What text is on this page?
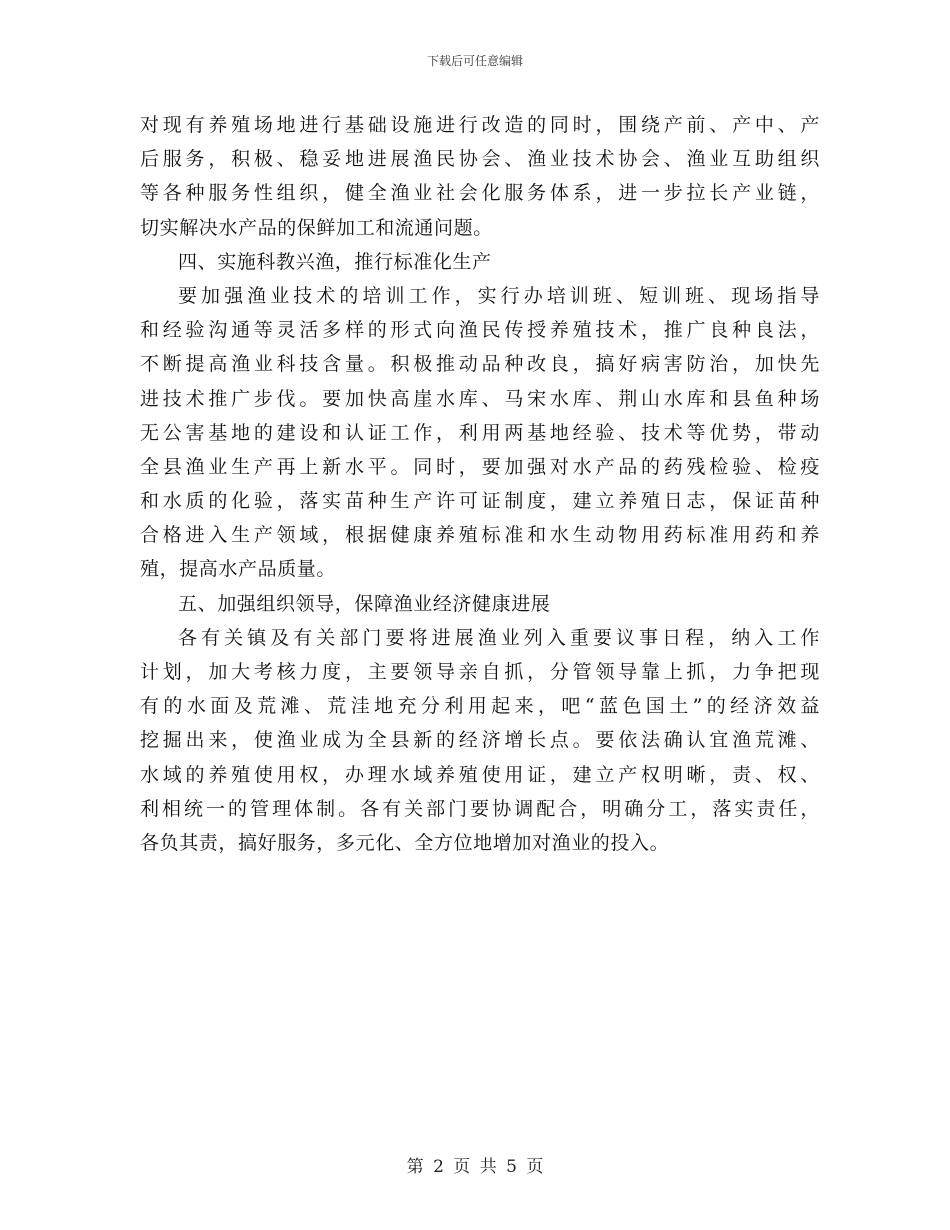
下载后可任意编辑
对现有养殖场地进行基础设施进行改造的同时，围绕产前、产中、产
后服务，积极、稳妥地进展渔民协会、渔业技术协会、渔业互助组织
等各种服务性组织，健全渔业社会化服务体系，进一步拉长产业链，
切实解决水产品的保鲜加工和流通问题。
四、实施科教兴渔，推行标准化生产
要加强渔业技术的培训工作，实行办培训班、短训班、现场指导
和经验沟通等灵活多样的形式向渔民传授养殖技术，推广良种良法，
不断提高渔业科技含量。积极推动品种改良，搞好病害防治，加快先
进技术推广步伐。要加快高崖水库、马宋水库、荆山水库和县鱼种场
无公害基地的建设和认证工作，利用两基地经验、技术等优势，带动
全县渔业生产再上新水平。同时，要加强对水产品的药残检验、检疫
和水质的化验，落实苗种生产许可证制度，建立养殖日志，保证苗种
合格进入生产领域，根据健康养殖标准和水生动物用药标准用药和养
殖，提高水产品质量。
五、加强组织领导，保障渔业经济健康进展
各有关镇及有关部门要将进展渔业列入重要议事日程，纳入工作
计划，加大考核力度，主要领导亲自抓，分管领导靠上抓，力争把现
有的水面及荒滩、荒洼地充分利用起来，吧“蓝色国土”的经济效益
挖掘出来，使渔业成为全县新的经济增长点。要依法确认宜渔荒滩、
水域的养殖使用权，办理水域养殖使用证，建立产权明晰，责、权、
利相统一的管理体制。各有关部门要协调配合，明确分工，落实责任，
各负其责，搞好服务，多元化、全方位地增加对渔业的投入。
第 2 页 共 5 页
